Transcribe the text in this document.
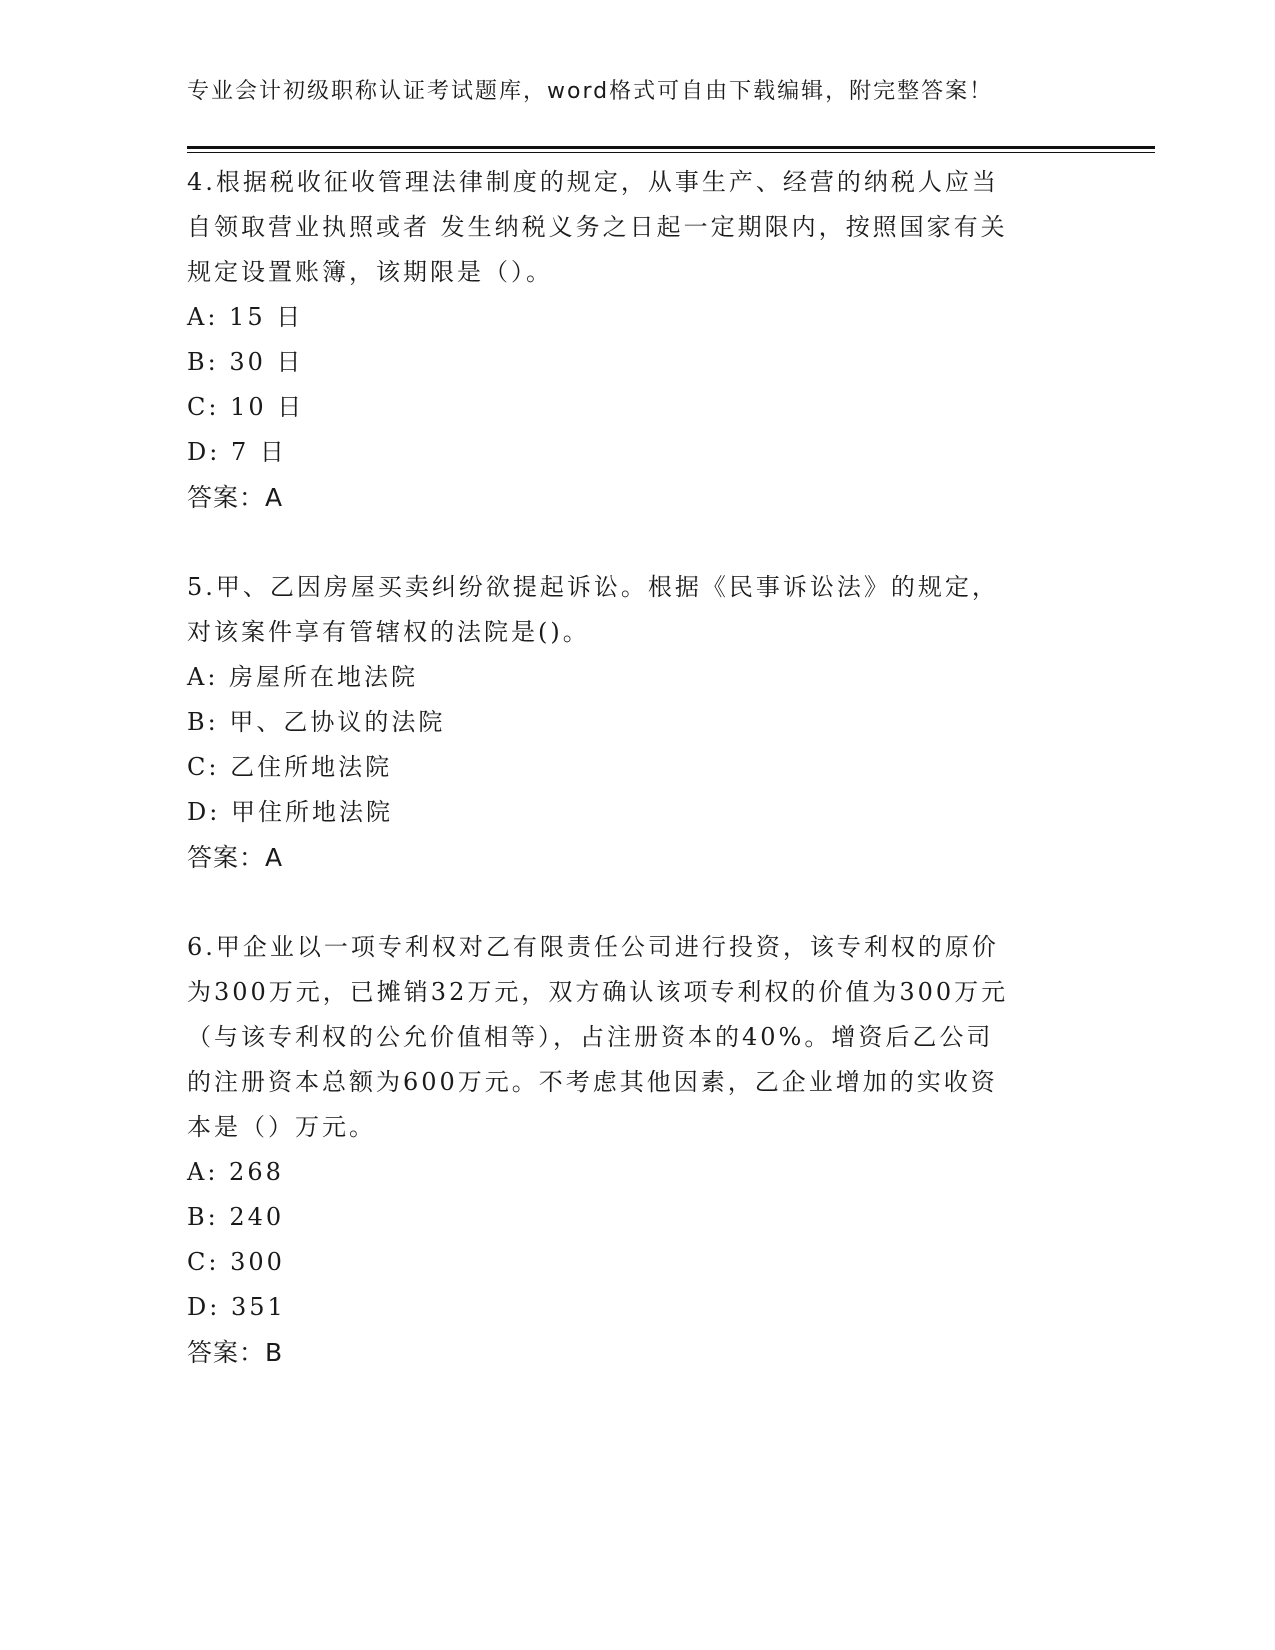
专业会计初级职称认证考试题库，word格式可自由下载编辑，附完整答案！
4.根据税收征收管理法律制度的规定，从事生产、经营的纳税人应当
自领取营业执照或者 发生纳税义务之日起一定期限内，按照国家有关
规定设置账簿，该期限是（）。
A: 15 日
B: 30 日
C: 10 日
D: 7 日
答案：A
5.甲、乙因房屋买卖纠纷欲提起诉讼。根据《民事诉讼法》的规定，
对该案件享有管辖权的法院是()。
A: 房屋所在地法院
B: 甲、乙协议的法院
C: 乙住所地法院
D: 甲住所地法院
答案：A
6.甲企业以一项专利权对乙有限责任公司进行投资，该专利权的原价
为300万元，已摊销32万元，双方确认该项专利权的价值为300万元
（与该专利权的公允价值相等），占注册资本的40%。增资后乙公司
的注册资本总额为600万元。不考虑其他因素，乙企业增加的实收资
本是（）万元。
A: 268
B: 240
C: 300
D: 351
答案：B
